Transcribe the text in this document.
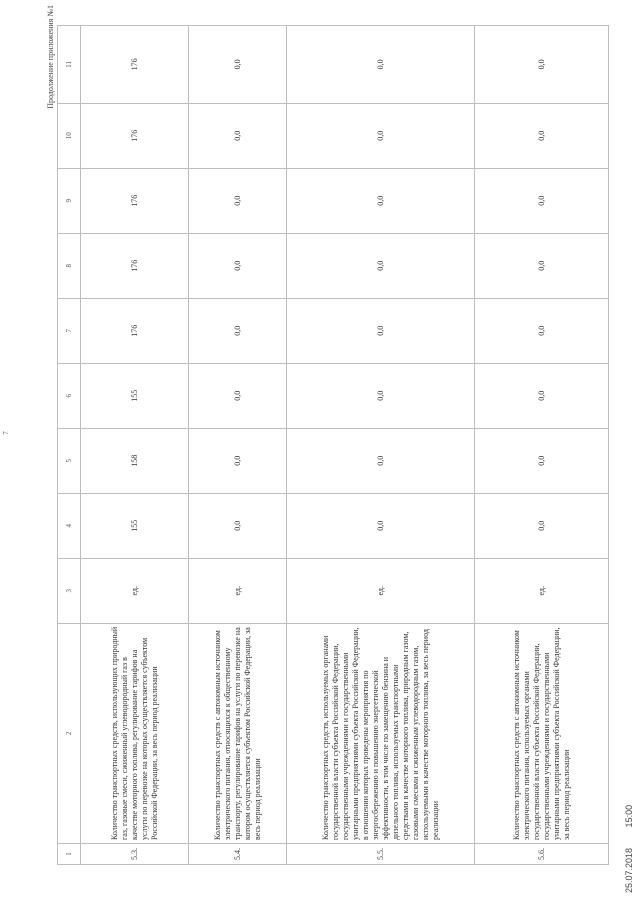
7
Продолжение приложения №1
1	2	3	4	5	6	7	8	9	10	11
5.3.	Количество транспортных средств, использующих природный газ, газовые смеси, сжиженный углеводородный газ в качестве моторного топлива, регулирование тарифов на услуги по перевозке на которых осуществляется субъектом Российской Федерации, за весь период реализации	ед.	155	158	155	176	176	176	176	176
5.4.	Количество транспортных средств с автономным источником электрического питания, относящихся к общественному транспорту, регулирование тарифов на услуги по перевозке на котором осуществляется субъектом Российской Федерации, за весь период реализации	ед.	0,0	0,0	0,0	0,0	0,0	0,0	0,0	0,0
5.5.	Количество транспортных средств, используемых органами государственной власти субъекта Российской Федерации, государственными учреждениями и государственными унитарными предприятиями субъекта Российской Федерации, в отношении которых проведены мероприятия по энергосбережению и повышению энергетической эффективности, в том числе по замещению бензина и дизельного топлива, используемых транспортными средствами в качестве моторного топлива, природным газом, газовыми смесями и сжиженным углеводородным газом, используемыми в качестве моторного топлива, за весь период реализации	ед.	0,0	0,0	0,0	0,0	0,0	0,0	0,0	0,0
5.6.	Количество транспортных средств с автономным источником электрического питания, используемых органами государственной власти субъекта Российской Федерации, государственными учреждениями и государственными унитарными предприятиями субъекта Российской Федерации, за весь период реализации	ед.	0,0	0,0	0,0	0,0	0,0	0,0	0,0	0,0
25.07.2018 15:00
